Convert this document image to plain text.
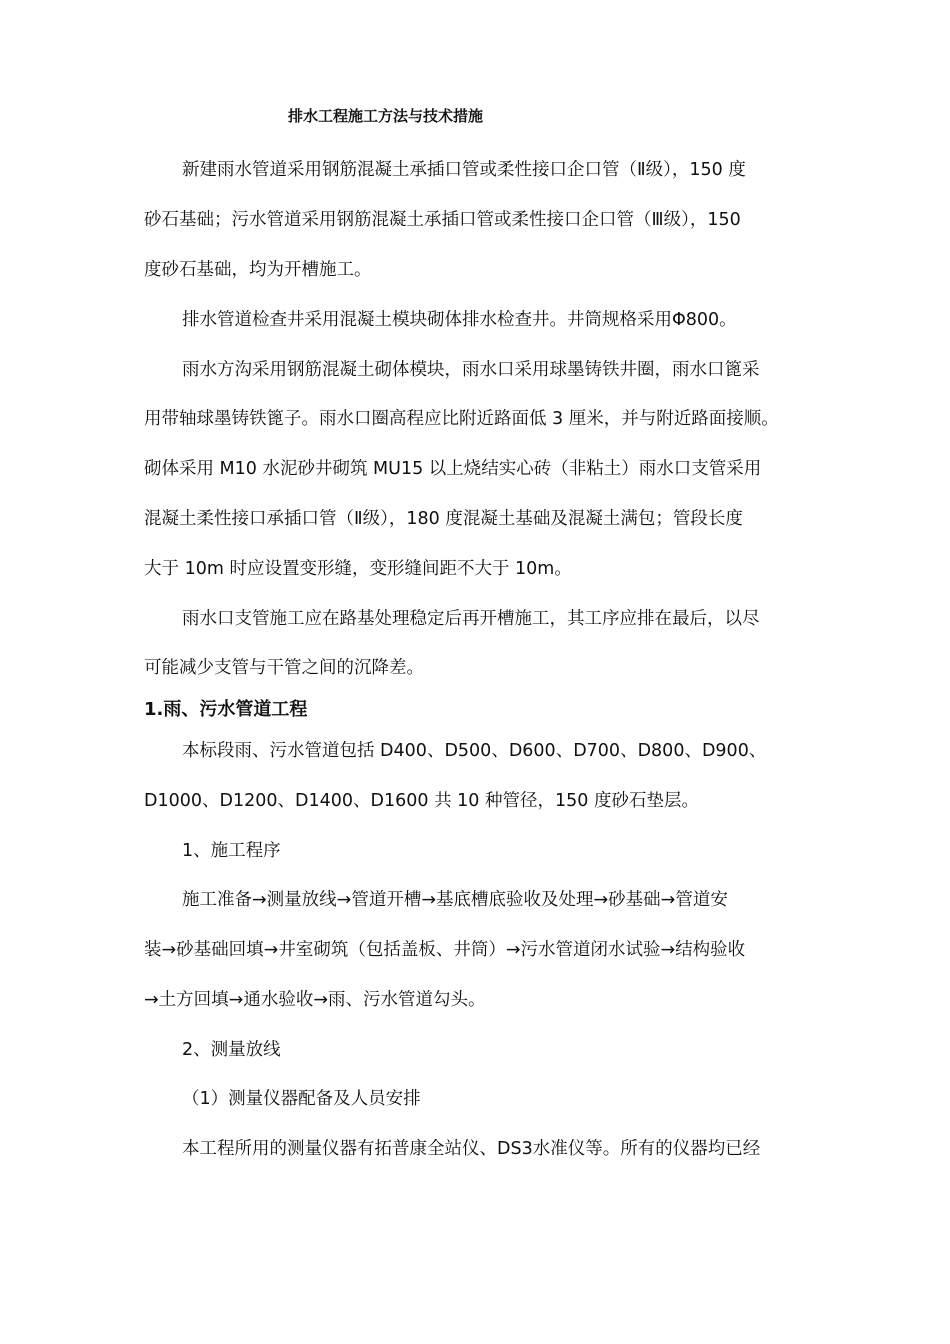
排水工程施工方法与技术措施
新建雨水管道采用钢筋混凝土承插口管或柔性接口企口管（Ⅱ级），150 度
砂石基础；污水管道采用钢筋混凝土承插口管或柔性接口企口管（Ⅲ级），150
度砂石基础，均为开槽施工。
排水管道检查井采用混凝土模块砌体排水检查井。井筒规格采用Φ800。
雨水方沟采用钢筋混凝土砌体模块，雨水口采用球墨铸铁井圈，雨水口篦采
用带轴球墨铸铁篦子。雨水口圈高程应比附近路面低 3 厘米，并与附近路面接顺。
砌体采用 M10 水泥砂井砌筑 MU15 以上烧结实心砖（非粘土）雨水口支管采用
混凝土柔性接口承插口管（Ⅱ级），180 度混凝土基础及混凝土满包；管段长度
大于 10m 时应设置变形缝，变形缝间距不大于 10m。
雨水口支管施工应在路基处理稳定后再开槽施工，其工序应排在最后，以尽
可能减少支管与干管之间的沉降差。
1.雨、污水管道工程
本标段雨、污水管道包括 D400、D500、D600、D700、D800、D900、
D1000、D1200、D1400、D1600 共 10 种管径，150 度砂石垫层。
1、施工程序
施工准备→测量放线→管道开槽→基底槽底验收及处理→砂基础→管道安
装→砂基础回填→井室砌筑（包括盖板、井筒）→污水管道闭水试验→结构验收
→土方回填→通水验收→雨、污水管道勾头。
2、测量放线
（1）测量仪器配备及人员安排
本工程所用的测量仪器有拓普康全站仪、DS3水准仪等。所有的仪器均已经
